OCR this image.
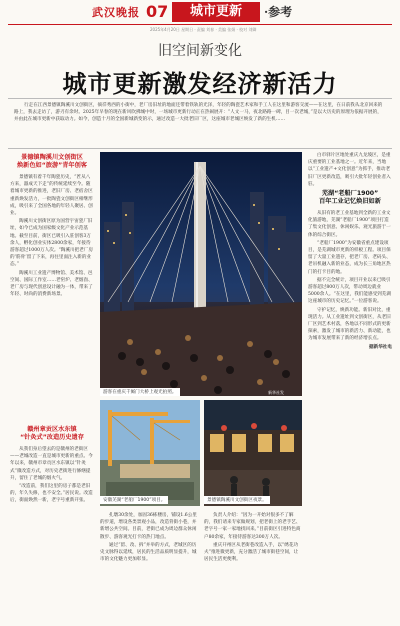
武汉晚报 07	城市更新	·参考
2025年4月20日 星期日 · 责编 刘春 · 美编 张娟 · 校对 刘卿
旧空间新变化
城市更新激发经济新活力
行走在江西景德镇陶溪川文创街区，徜徉秀西的小街中，老厂房旧址的地面还带着铁轨的光泽，年轻的陶瓷艺术家和手工人在这里和游客交流——在这里，在日前我从北京回来的路上，我去走访了，游刃有余时。2025年早春的现在新风吹拂城中时，一场城市更新行动正在热闹展开：“人文一马，夜北路路一碑，目一次老城，”是以大历史的原理为依据开展的，并由此在城市更新中获取动力。如今，创造十月的全国新城新变的示，通过改造一大批老旧厂区，这座城市老城区焕发了新的生机……
景德镇陶溪川文创街区
焕新色如“旅游”青年创客

景德镇有着千年陶瓷历史，“匠从八方来，器成天下走”的传统延续至今。随着城市更新的推进，老旧厂房、老宿舍区重新焕发活力，一批陶瓷文创街区相继形成，吸引来了全国各地的年轻人聚居、创业。

陶溪川文创街区原为国营宇宙瓷厂旧址，如今已成为国家级文化产业示范基地。截至目前，街区已吸引入驻创客3万余人，孵化创业实体2800余家，年接待游客超过1000万人次。“陶溪川把老厂房的‘筋骨’留了下来，再往里面注入新的业态。”

陶溪川工业遗产博物馆、美术馆、邑空间、国际工作室……老窑炉、老烟囱、老厂房与现代创意设计融为一体，带来了年轻、时尚的消费新场景。

赣州章贡区水东镇
“针灸式”改造历史遗存

从我们身后望去的是赣州的老街区——老城改造一直是城市更新的重点。今年以来，赣州市章贡区水东镇以“针灸式”微改造方式，对历史老街进行修缮提升，留住了老城的烟火气。

“改造前，我们这里的房子都是老旧的，年久失修，也不安全。”居民说。改造后，街面焕然一新，老字号重新开张。

游客在重庆千厮门大桥上观光拍照。	新华社发

白市驿片区地处重庆九龙坡区，是重庆重要的工业基地之一。近年来，当地以“工业遗产+文化创意”为抓手，推动老旧厂区更新改造，吸引大批年轻创业者入驻。

芜湖“老船厂1900”
百年工业记忆焕旧如新

从旧有的老工业基地到全新的工业文化旅游地，芜湖“老船厂1900”项目打造了集文化创意、休闲娱乐、观光旅游于一体的综合街区。

“老船厂1900”为安徽省重点建设项目，是芜湖城市更新的样板工程。项目保留了大量工业遗存，把老厂房、老码头、老吊机融入新的业态，成为长三角地区热门的打卡目的地。

据不完全统计，项目开业以来已吸引游客超过800万人次，带动周边就业5000余人。“在这里，我们能感受到芜湖这座城市的历史记忆。”一位游客说。

守护记忆，焕新功能。新旧对比，重现活力。从工业遗址到文创街区，从老旧厂区到艺术村落，各地以不同形式的更新探索，激发了城市的新活力、新动能，也为城市发展带来了新的经济增长点。

据新华社电

安徽芜湖“老船厂1900”项目。	景德镇陶溪川文创街区夜景。

扎墩30余处，加固36栋楼房，铺设1.6公里的步道，增设各类景观小品，改造背街小巷，并新增公共空间。目前，老街已成为周边群众休闲散步、游客观光打卡的热门地点。

通过“留、改、拆”并举的方式，老城区的历史文脉得以延续，居民的生活品质明显提升，城市的文化魅力更加彰显。

负责人介绍：“因为一开始对很多不了解的，我们请来专家做规划，把老街上的老手艺、老字号一家一家地找回来。”目前街区引进特色商户80余家，年接待游客达300万人次。

重庆开州区从老街巷改造入手，以“绣花功夫”推进微更新，充分激活了城市街巷空间，让居民生活更便利。
